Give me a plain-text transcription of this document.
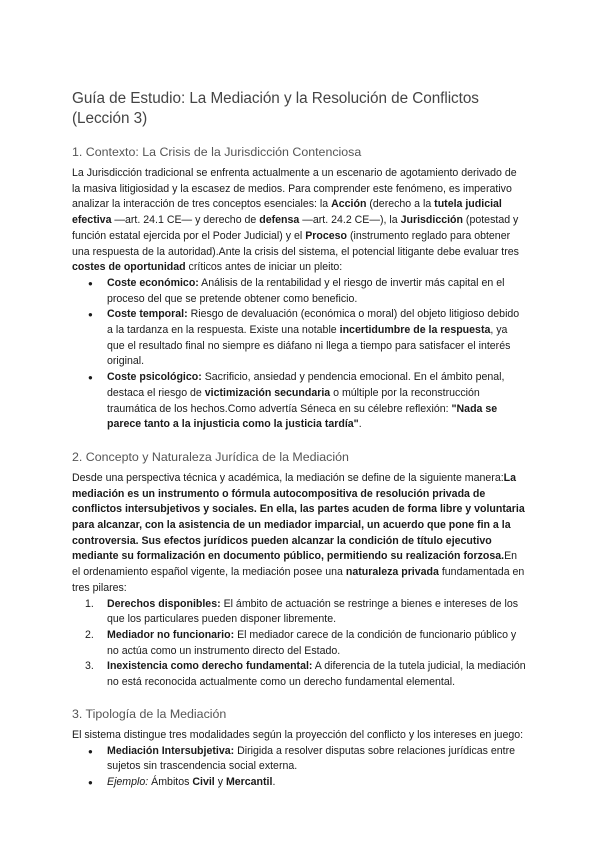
Guía de Estudio: La Mediación y la Resolución de Conflictos (Lección 3)
1. Contexto: La Crisis de la Jurisdicción Contenciosa

La Jurisdicción tradicional se enfrenta actualmente a un escenario de agotamiento derivado de la masiva litigiosidad y la escasez de medios. Para comprender este fenómeno, es imperativo analizar la interacción de tres conceptos esenciales: la Acción (derecho a la tutela judicial efectiva —art. 24.1 CE— y derecho de defensa —art. 24.2 CE—), la Jurisdicción (potestad y función estatal ejercida por el Poder Judicial) y el Proceso (instrumento reglado para obtener una respuesta de la autoridad).Ante la crisis del sistema, el potencial litigante debe evaluar tres costes de oportunidad críticos antes de iniciar un pleito:

● Coste económico: Análisis de la rentabilidad y el riesgo de invertir más capital en el proceso del que se pretende obtener como beneficio.
● Coste temporal: Riesgo de devaluación (económica o moral) del objeto litigioso debido a la tardanza en la respuesta. Existe una notable incertidumbre de la respuesta, ya que el resultado final no siempre es diáfano ni llega a tiempo para satisfacer el interés original.
● Coste psicológico: Sacrificio, ansiedad y pendencia emocional. En el ámbito penal, destaca el riesgo de victimización secundaria o múltiple por la reconstrucción traumática de los hechos.Como advertía Séneca en su célebre reflexión: "Nada se parece tanto a la injusticia como la justicia tardía".
2. Concepto y Naturaleza Jurídica de la Mediación

Desde una perspectiva técnica y académica, la mediación se define de la siguiente manera:La mediación es un instrumento o fórmula autocompositiva de resolución privada de conflictos intersubjetivos y sociales. En ella, las partes acuden de forma libre y voluntaria para alcanzar, con la asistencia de un mediador imparcial, un acuerdo que pone fin a la controversia. Sus efectos jurídicos pueden alcanzar la condición de título ejecutivo mediante su formalización en documento público, permitiendo su realización forzosa.En el ordenamiento español vigente, la mediación posee una naturaleza privada fundamentada en tres pilares:

1. Derechos disponibles: El ámbito de actuación se restringe a bienes e intereses de los que los particulares pueden disponer libremente.
2. Mediador no funcionario: El mediador carece de la condición de funcionario público y no actúa como un instrumento directo del Estado.
3. Inexistencia como derecho fundamental: A diferencia de la tutela judicial, la mediación no está reconocida actualmente como un derecho fundamental elemental.
3. Tipología de la Mediación

El sistema distingue tres modalidades según la proyección del conflicto y los intereses en juego:

● Mediación Intersubjetiva: Dirigida a resolver disputas sobre relaciones jurídicas entre sujetos sin trascendencia social externa.
● Ejemplo: Ámbitos Civil y Mercantil.
